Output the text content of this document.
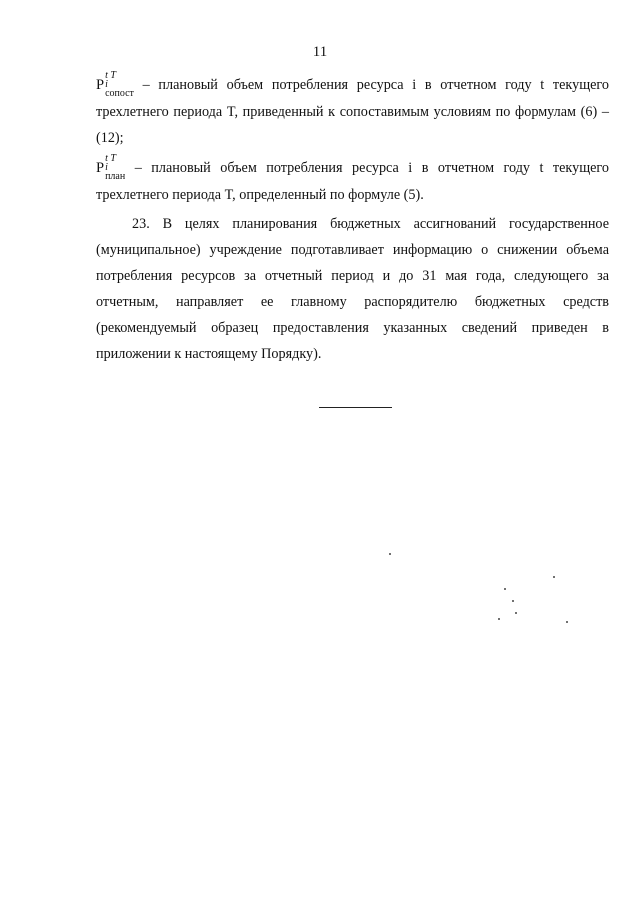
11
P
t T
i
сопост
– плановый объем потребления ресурса i в отчетном году t текущего трехлетнего периода T, приведенный к сопоставимым условиям по формулам (6) – (12);
P
t T
i
план
– плановый объем потребления ресурса i в отчетном году t текущего трехлетнего периода T, определенный по формуле (5).
23. В целях планирования бюджетных ассигнований государственное (муниципальное) учреждение подготавливает информацию о снижении объема потребления ресурсов за отчетный период и до 31 мая года, следующего за отчетным, направляет ее главному распорядителю бюджетных средств (рекомендуемый образец предоставления указанных сведений приведен в приложении к настоящему Порядку).
